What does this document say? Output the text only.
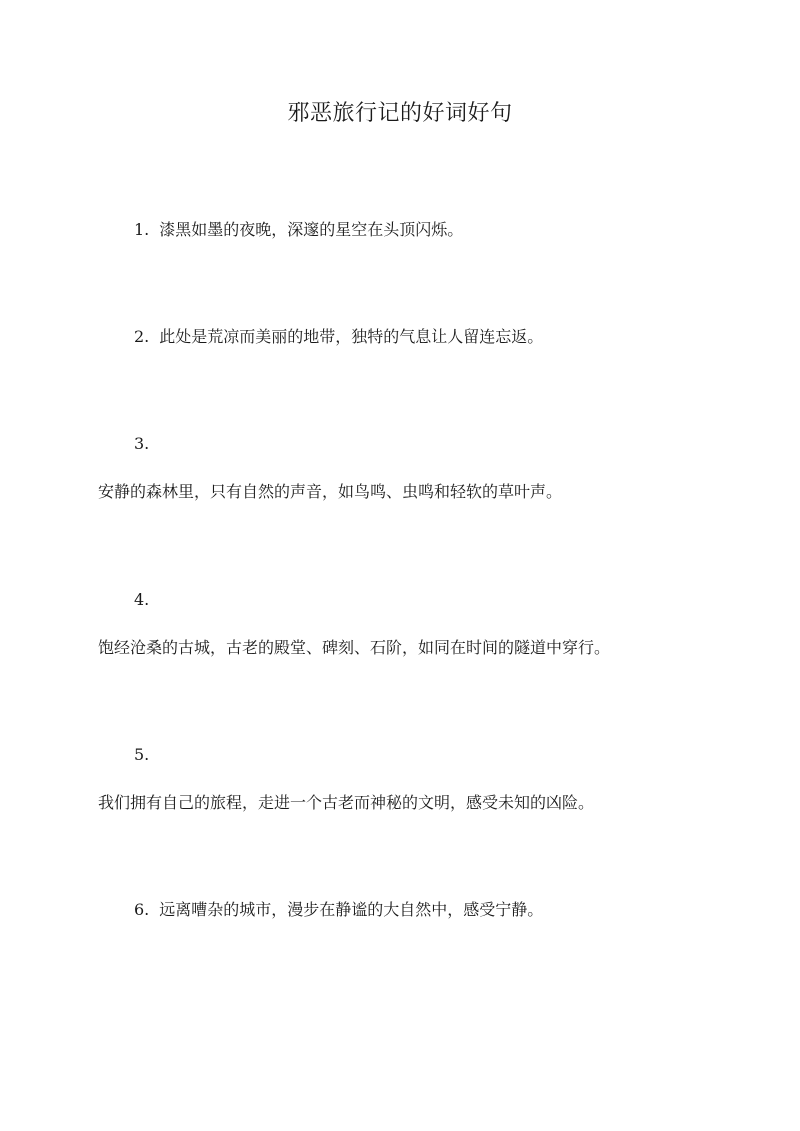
邪恶旅行记的好词好句

1. 漆黑如墨的夜晚，深邃的星空在头顶闪烁。

2. 此处是荒凉而美丽的地带，独特的气息让人留连忘返。

3.

安静的森林里，只有自然的声音，如鸟鸣、虫鸣和轻软的草叶声。

4.

饱经沧桑的古城，古老的殿堂、碑刻、石阶，如同在时间的隧道中穿行。

5.

我们拥有自己的旅程，走进一个古老而神秘的文明，感受未知的凶险。

6. 远离嘈杂的城市，漫步在静谧的大自然中，感受宁静。
